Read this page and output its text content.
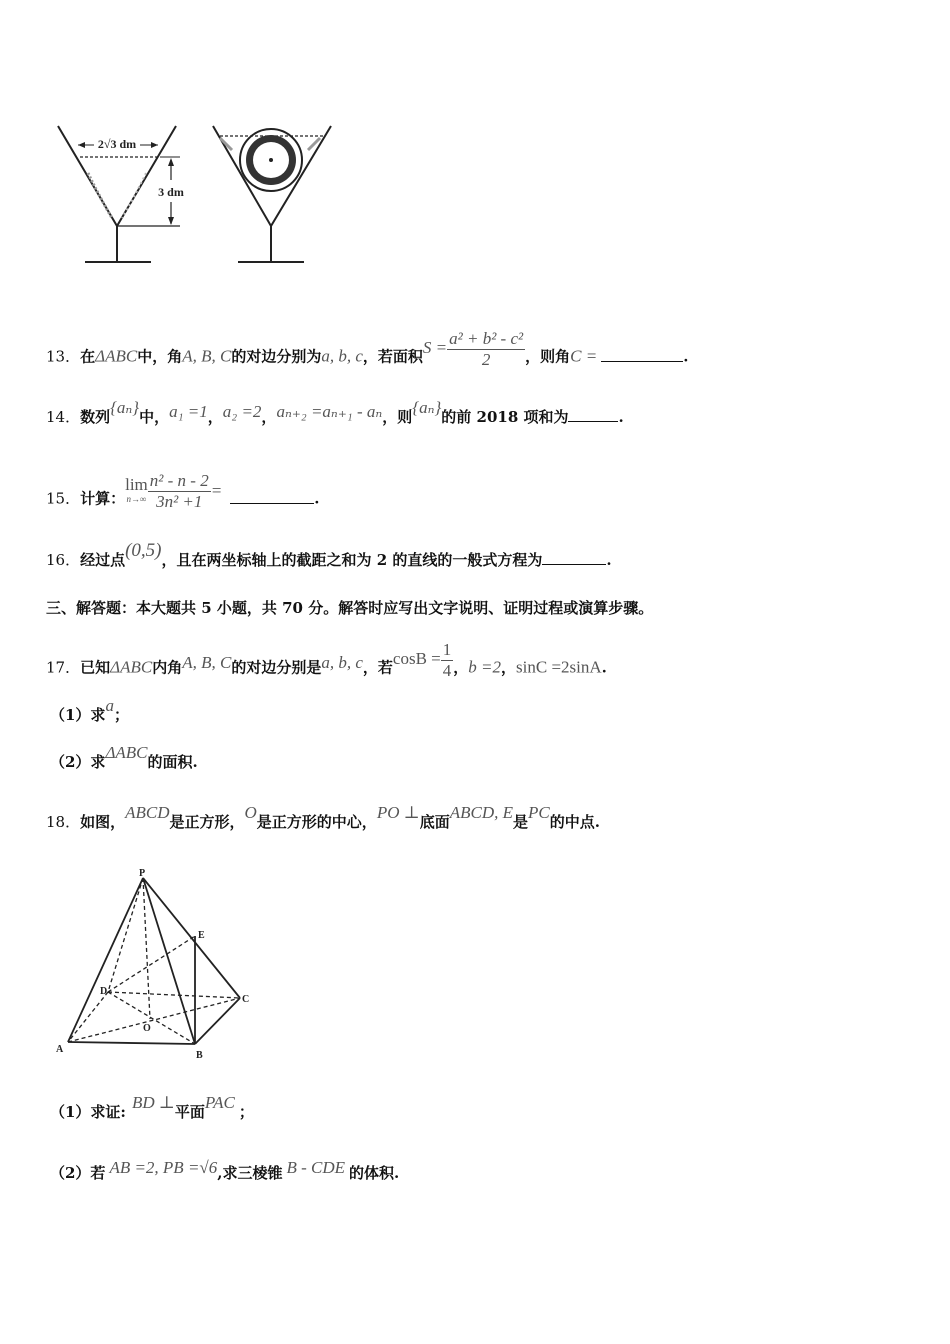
2√3 dm
3 dm
13．在ΔABC中，角A, B, C的对边分别为a, b, c，若面积$S = \frac{\text{a² + b² - c²}}{2}$ ，则角C =	.
14．数列{aₙ}中，a₁ =1，a₂ =2，aₙ₊₂ =aₙ₊₁ - aₙ，则{aₙ}的前 2018 项和为	.
15．计算：
lim
$n\to\infty \frac{\text{n² - n - 2}}{\text{3n² +1}}$ =	.
16．经过点(0,5)，且在两坐标轴上的截距之和为 2 的直线的一般式方程为	.
三、解答题：本大题共 5 小题，共 70 分。解答时应写出文字说明、证明过程或演算步骤。
17．已知ΔABC内角A, B, C的对边分别是a, b, c，若$\cos B = \frac{1}{4}$ ，b =2，sinC =2sinA.
（1）求a；
（2）求ΔABC的面积.
18．如图，ABCD是正方形，O是正方形的中心，PO ⊥底面ABCD, E是PC的中点.
P
E
D
C
O
A
B
（1）求证: BD ⊥平面PAC ；
（2）若 AB =2, PB =√6,求三棱锥 B - CDE 的体积.
